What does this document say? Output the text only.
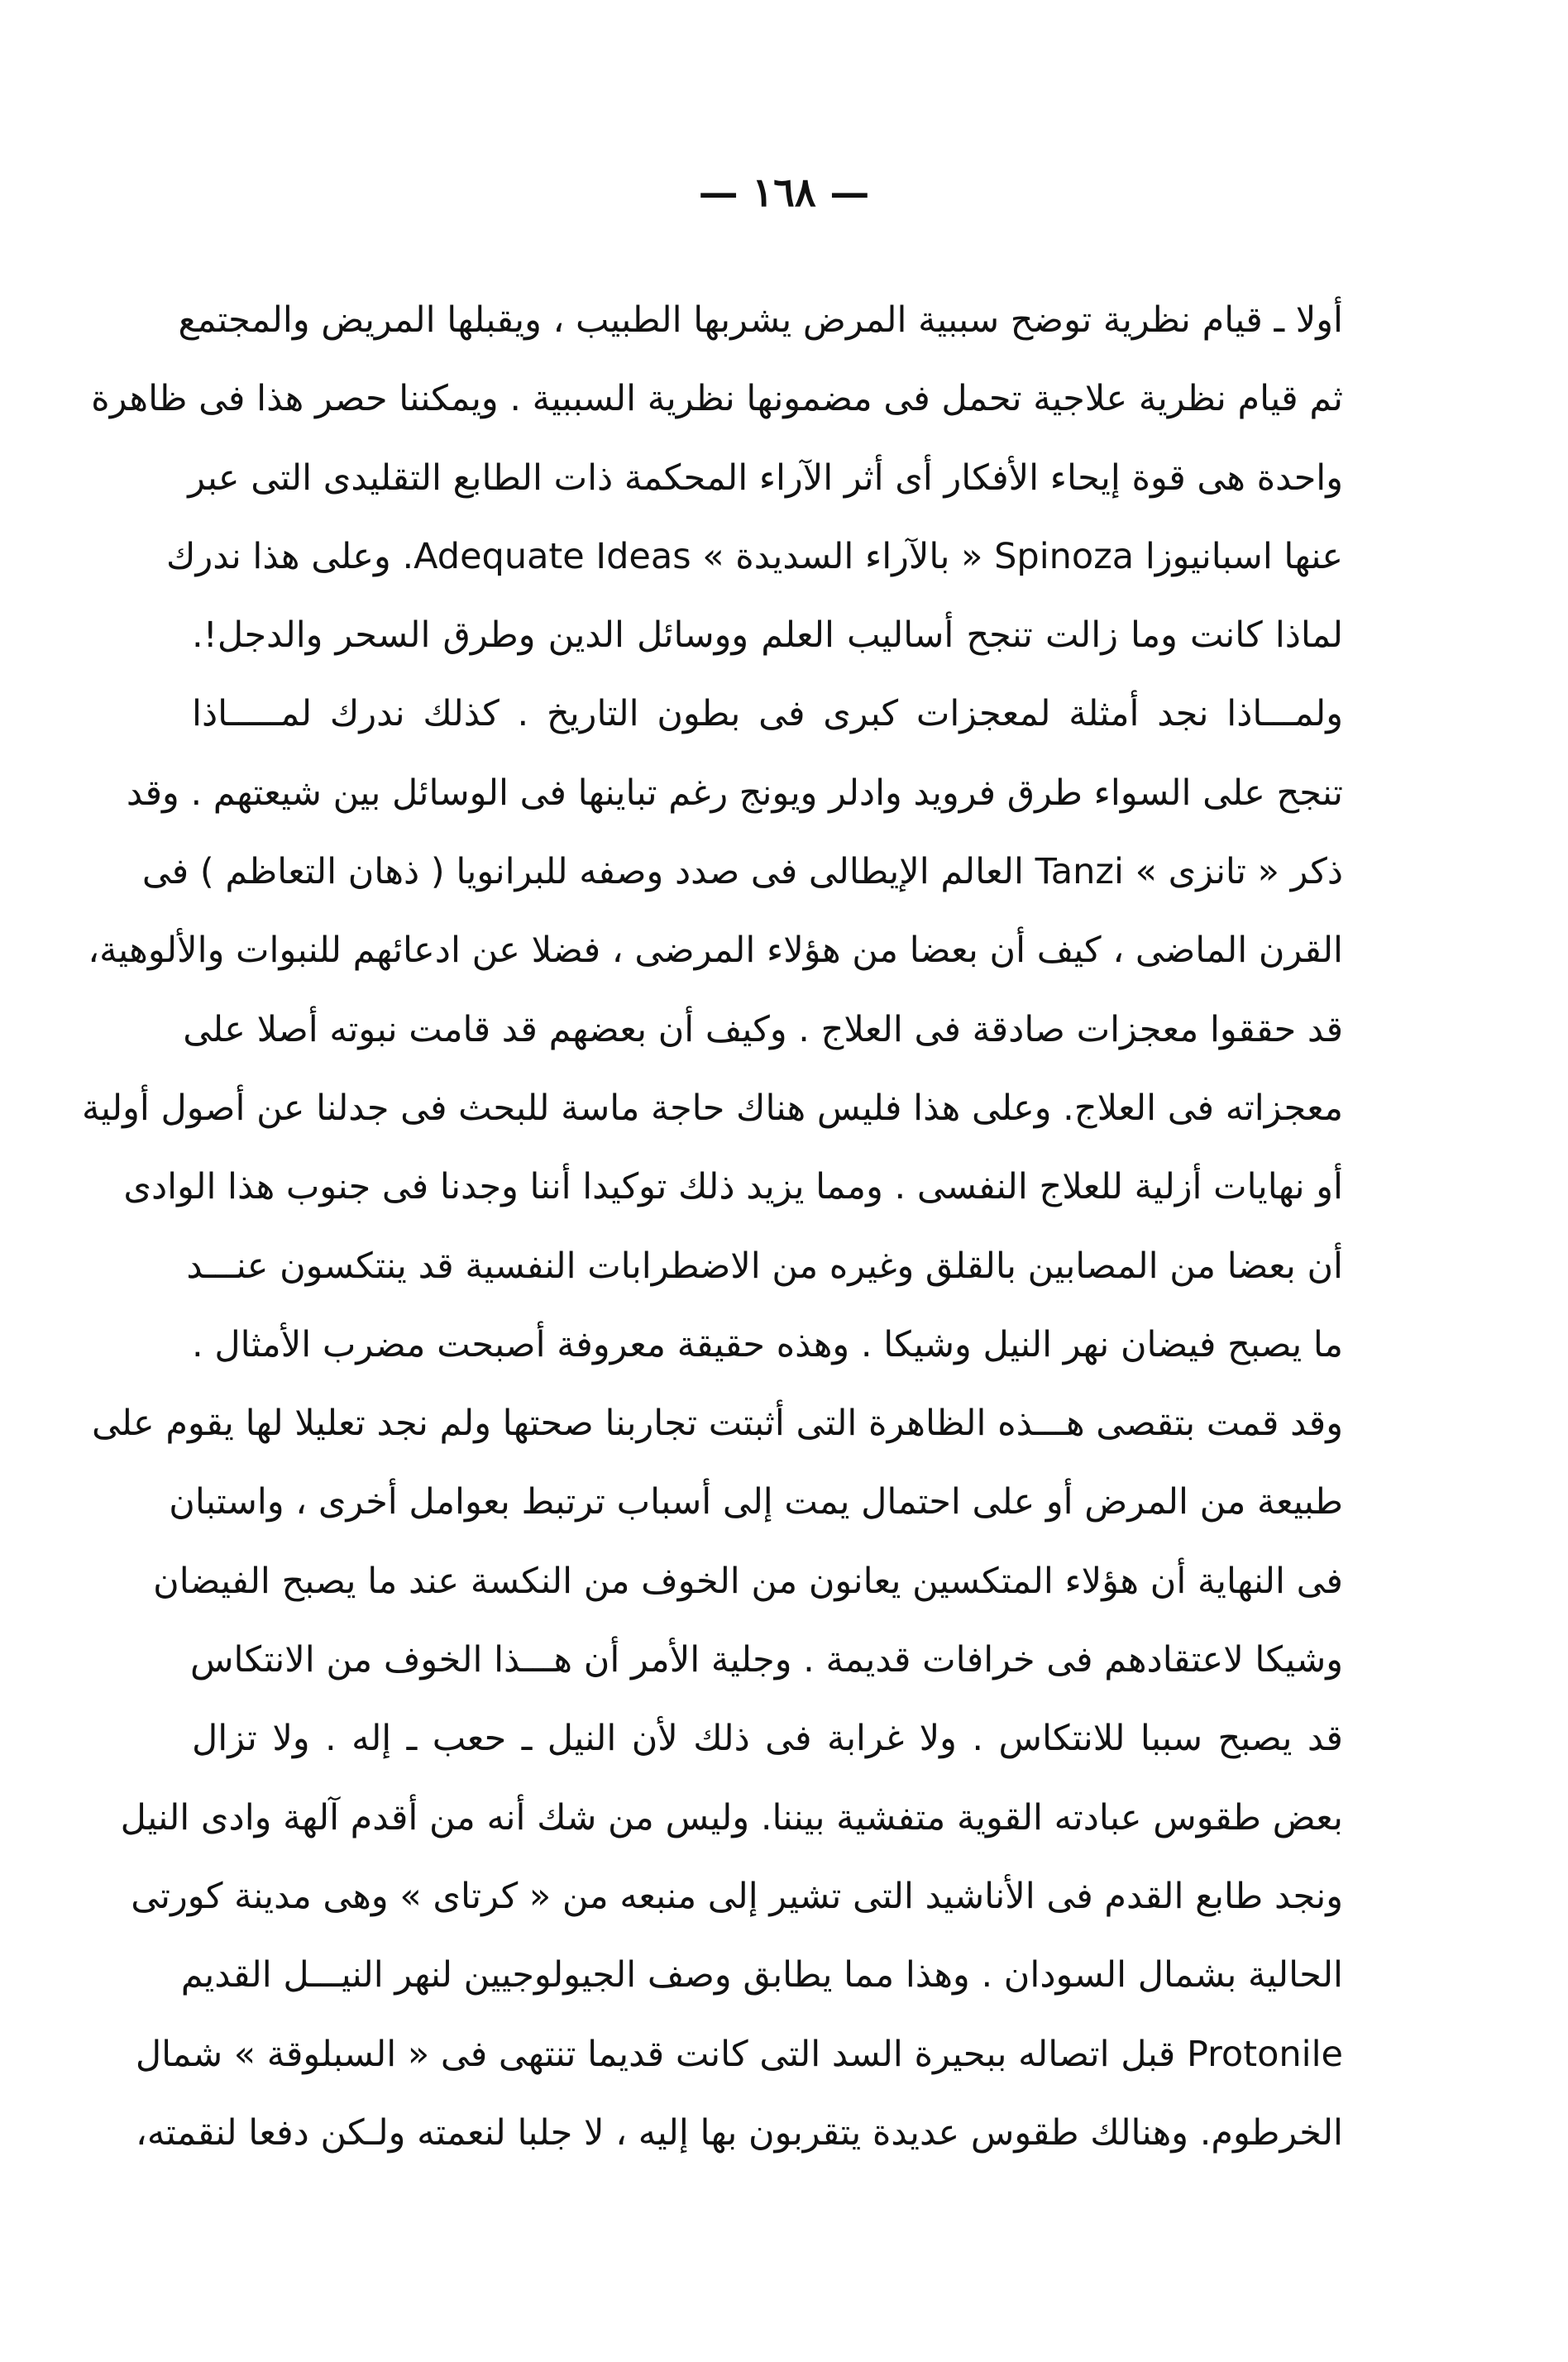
— ١٦٨ —
أولا ـ قيام نظرية توضح سببية المرض يشربها الطبيب ، ويقبلها المريض والمجتمع
ثم قيام نظرية علاجية تحمل فى مضمونها نظرية السببية . ويمكننا حصر هذا فى ظاهرة
واحدة هى قوة إيحاء الأفكار أى أثر الآراء المحكمة ذات الطابع التقليدى التى عبر
عنها اسبانيوزا Spinoza « بالآراء السديدة » Adequate Ideas. وعلى هذا ندرك
لماذا كانت وما زالت تنجح أساليب العلم ووسائل الدين وطرق السحر والدجل!.
ولمـــاذا نجد أمثلة لمعجزات كبرى فى بطون التاريخ . كذلك ندرك لمـــــاذا
تنجح على السواء طرق فرويد وادلر ويونج رغم تباينها فى الوسائل بين شيعتهم . وقد
ذكر « تانزى » Tanzi العالم الإيطالى فى صدد وصفه للبرانويا ( ذهان التعاظم ) فى
القرن الماضى ، كيف أن بعضا من هؤلاء المرضى ، فضلا عن ادعائهم للنبوات والألوهية،
قد حققوا معجزات صادقة فى العلاج . وكيف أن بعضهم قد قامت نبوته أصلا على
معجزاته فى العلاج. وعلى هذا فليس هناك حاجة ماسة للبحث فى جدلنا عن أصول أولية
أو نهايات أزلية للعلاج النفسى . ومما يزيد ذلك توكيدا أننا وجدنا فى جنوب هذا الوادى
أن بعضا من المصابين بالقلق وغيره من الاضطرابات النفسية قد ينتكسون عنـــد
ما يصبح فيضان نهر النيل وشيكا . وهذه حقيقة معروفة أصبحت مضرب الأمثال .
وقد قمت بتقصى هـــذه الظاهرة التى أثبتت تجاربنا صحتها ولم نجد تعليلا لها يقوم على
طبيعة من المرض أو على احتمال يمت إلى أسباب ترتبط بعوامل أخرى ، واستبان
فى النهاية أن هؤلاء المتكسين يعانون من الخوف من النكسة عند ما يصبح الفيضان
وشيكا لاعتقادهم فى خرافات قديمة . وجلية الأمر أن هـــذا الخوف من الانتكاس
قد يصبح سببا للانتكاس . ولا غرابة فى ذلك لأن النيل ـ حعب ـ إله . ولا تزال
بعض طقوس عبادته القوية متفشية بيننا. وليس من شك أنه من أقدم آلهة وادى النيل
ونجد طابع القدم فى الأناشيد التى تشير إلى منبعه من « كرتاى » وهى مدينة كورتى
الحالية بشمال السودان . وهذا مما يطابق وصف الجيولوجيين لنهر النيـــل القديم
Protonile قبل اتصاله ببحيرة السد التى كانت قديما تنتهى فى « السبلوقة » شمال
الخرطوم. وهنالك طقوس عديدة يتقربون بها إليه ، لا جلبا لنعمته ولـكن دفعا لنقمته،
